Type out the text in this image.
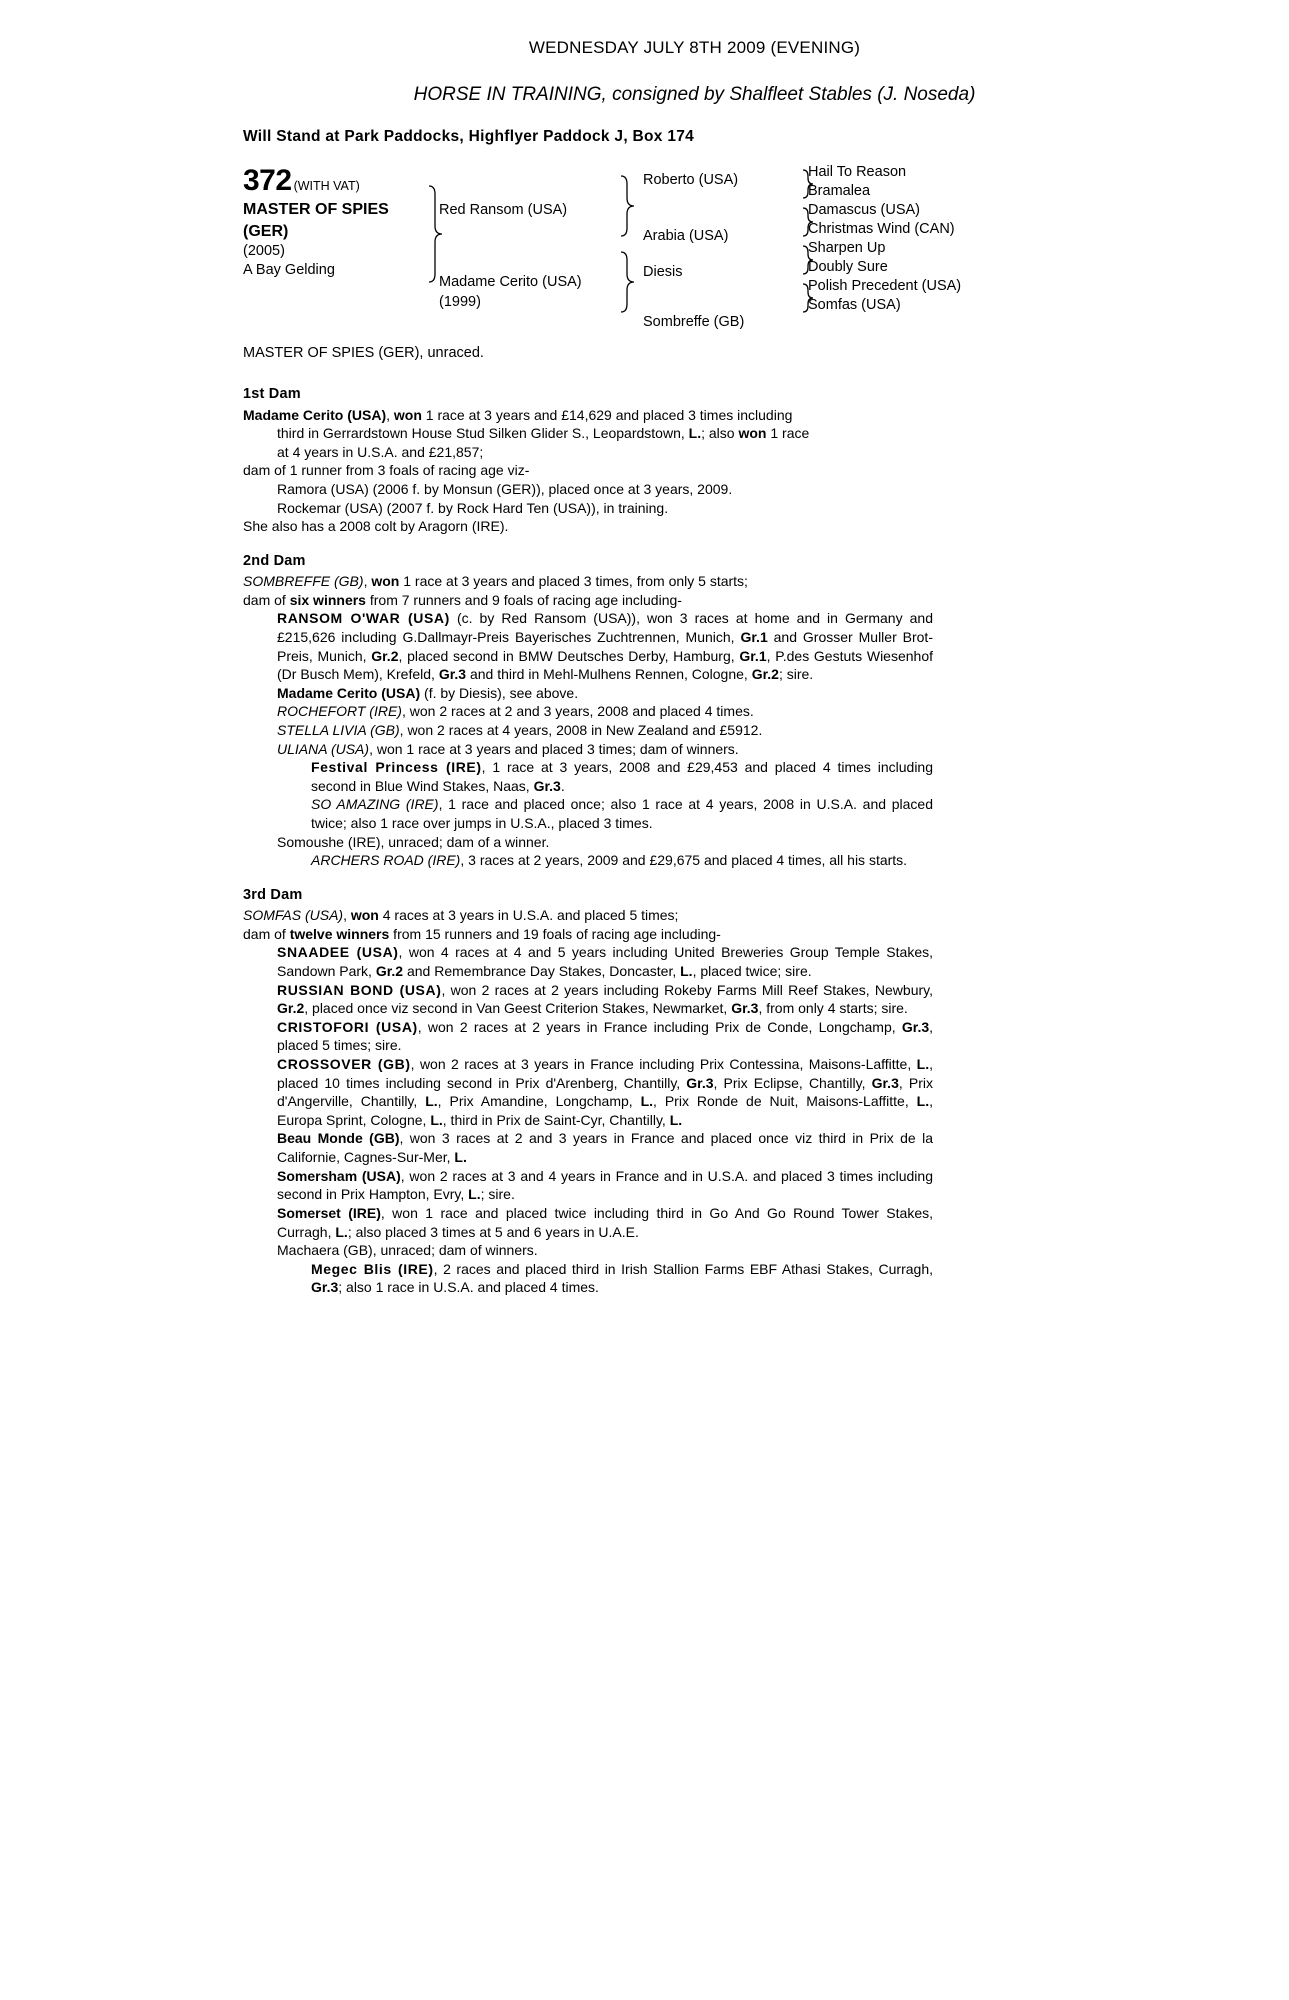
WEDNESDAY JULY 8TH 2009 (EVENING)
HORSE IN TRAINING, consigned by Shalfleet Stables (J. Noseda)
Will Stand at Park Paddocks, Highflyer Paddock J, Box 174
372 (WITH VAT)
MASTER OF SPIES
(GER)
(2005)
A Bay Gelding
Red Ransom (USA)
Madame Cerito (USA)
(1999)
Roberto (USA)
Arabia (USA)
Diesis
Sombreffe (GB)
Hail To Reason
Bramalea
Damascus (USA)
Christmas Wind (CAN)
Sharpen Up
Doubly Sure
Polish Precedent (USA)
Somfas (USA)
MASTER OF SPIES (GER), unraced.
1st Dam

Madame Cerito (USA), won 1 race at 3 years and £14,629 and placed 3 times including

third in Gerrardstown House Stud Silken Glider S., Leopardstown, L.; also won 1 race

at 4 years in U.S.A. and £21,857;

dam of 1 runner from 3 foals of racing age viz-

Ramora (USA) (2006 f. by Monsun (GER)), placed once at 3 years, 2009.

Rockemar (USA) (2007 f. by Rock Hard Ten (USA)), in training.

She also has a 2008 colt by Aragorn (IRE).

2nd Dam

SOMBREFFE (GB), won 1 race at 3 years and placed 3 times, from only 5 starts;

dam of six winners from 7 runners and 9 foals of racing age including-

RANSOM O'WAR (USA) (c. by Red Ransom (USA)), won 3 races at home and in Germany and £215,626 including G.Dallmayr-Preis Bayerisches Zuchtrennen, Munich, Gr.1 and Grosser Muller Brot-Preis, Munich, Gr.2, placed second in BMW Deutsches Derby, Hamburg, Gr.1, P.des Gestuts Wiesenhof (Dr Busch Mem), Krefeld, Gr.3 and third in Mehl-Mulhens Rennen, Cologne, Gr.2; sire.

Madame Cerito (USA) (f. by Diesis), see above.

ROCHEFORT (IRE), won 2 races at 2 and 3 years, 2008 and placed 4 times.

STELLA LIVIA (GB), won 2 races at 4 years, 2008 in New Zealand and £5912.

ULIANA (USA), won 1 race at 3 years and placed 3 times; dam of winners.

Festival Princess (IRE), 1 race at 3 years, 2008 and £29,453 and placed 4 times including second in Blue Wind Stakes, Naas, Gr.3.

SO AMAZING (IRE), 1 race and placed once; also 1 race at 4 years, 2008 in U.S.A. and placed twice; also 1 race over jumps in U.S.A., placed 3 times.

Somoushe (IRE), unraced; dam of a winner.

ARCHERS ROAD (IRE), 3 races at 2 years, 2009 and £29,675 and placed 4 times, all his starts.

3rd Dam

SOMFAS (USA), won 4 races at 3 years in U.S.A. and placed 5 times;

dam of twelve winners from 15 runners and 19 foals of racing age including-

SNAADEE (USA), won 4 races at 4 and 5 years including United Breweries Group Temple Stakes, Sandown Park, Gr.2 and Remembrance Day Stakes, Doncaster, L., placed twice; sire.

RUSSIAN BOND (USA), won 2 races at 2 years including Rokeby Farms Mill Reef Stakes, Newbury, Gr.2, placed once viz second in Van Geest Criterion Stakes, Newmarket, Gr.3, from only 4 starts; sire.

CRISTOFORI (USA), won 2 races at 2 years in France including Prix de Conde, Longchamp, Gr.3, placed 5 times; sire.

CROSSOVER (GB), won 2 races at 3 years in France including Prix Contessina, Maisons-Laffitte, L., placed 10 times including second in Prix d'Arenberg, Chantilly, Gr.3, Prix Eclipse, Chantilly, Gr.3, Prix d'Angerville, Chantilly, L., Prix Amandine, Longchamp, L., Prix Ronde de Nuit, Maisons-Laffitte, L., Europa Sprint, Cologne, L., third in Prix de Saint-Cyr, Chantilly, L.

Beau Monde (GB), won 3 races at 2 and 3 years in France and placed once viz third in Prix de la Californie, Cagnes-Sur-Mer, L.

Somersham (USA), won 2 races at 3 and 4 years in France and in U.S.A. and placed 3 times including second in Prix Hampton, Evry, L.; sire.

Somerset (IRE), won 1 race and placed twice including third in Go And Go Round Tower Stakes, Curragh, L.; also placed 3 times at 5 and 6 years in U.A.E.

Machaera (GB), unraced; dam of winners.

Megec Blis (IRE), 2 races and placed third in Irish Stallion Farms EBF Athasi Stakes, Curragh, Gr.3; also 1 race in U.S.A. and placed 4 times.
